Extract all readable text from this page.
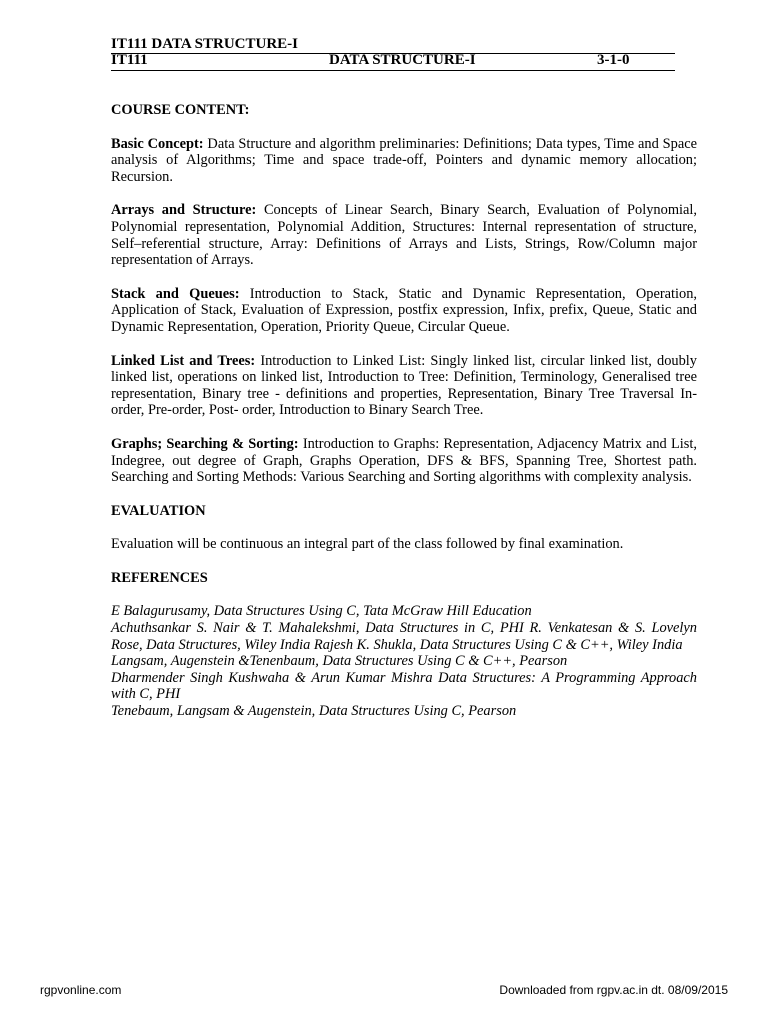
IT111 DATA STRUCTURE-I
IT111	DATA STRUCTURE-I	3-1-0

COURSE CONTENT:

Basic Concept: Data Structure and algorithm preliminaries: Definitions; Data types, Time and Space analysis of Algorithms; Time and space trade-off, Pointers and dynamic memory allocation; Recursion.

Arrays and Structure: Concepts of Linear Search, Binary Search, Evaluation of Polynomial, Polynomial representation, Polynomial Addition, Structures: Internal representation of structure, Self–referential structure, Array: Definitions of Arrays and Lists, Strings, Row/Column major representation of Arrays.

Stack and Queues: Introduction to Stack, Static and Dynamic Representation, Operation, Application of Stack, Evaluation of Expression, postfix expression, Infix, prefix, Queue, Static and Dynamic Representation, Operation, Priority Queue, Circular Queue.

Linked List and Trees: Introduction to Linked List: Singly linked list, circular linked list, doubly linked list, operations on linked list, Introduction to Tree: Definition, Terminology, Generalised tree representation, Binary tree - definitions and properties, Representation, Binary Tree Traversal In-order, Pre-order, Post- order, Introduction to Binary Search Tree.

Graphs; Searching & Sorting: Introduction to Graphs: Representation, Adjacency Matrix and List, Indegree, out degree of Graph, Graphs Operation, DFS & BFS, Spanning Tree, Shortest path. Searching and Sorting Methods: Various Searching and Sorting algorithms with complexity analysis.

EVALUATION

Evaluation will be continuous an integral part of the class followed by final examination.

REFERENCES

E Balagurusamy, Data Structures Using C, Tata McGraw Hill Education

Achuthsankar S. Nair & T. Mahalekshmi, Data Structures in C, PHI R. Venkatesan & S. Lovelyn Rose, Data Structures, Wiley India Rajesh K. Shukla, Data Structures Using C & C++, Wiley India

Langsam, Augenstein &Tenenbaum, Data Structures Using C & C++, Pearson

Dharmender Singh Kushwaha & Arun Kumar Mishra Data Structures: A Programming Approach with C, PHI

Tenebaum, Langsam & Augenstein, Data Structures Using C, Pearson

rgpvonline.com	Downloaded from rgpv.ac.in dt. 08/09/2015
